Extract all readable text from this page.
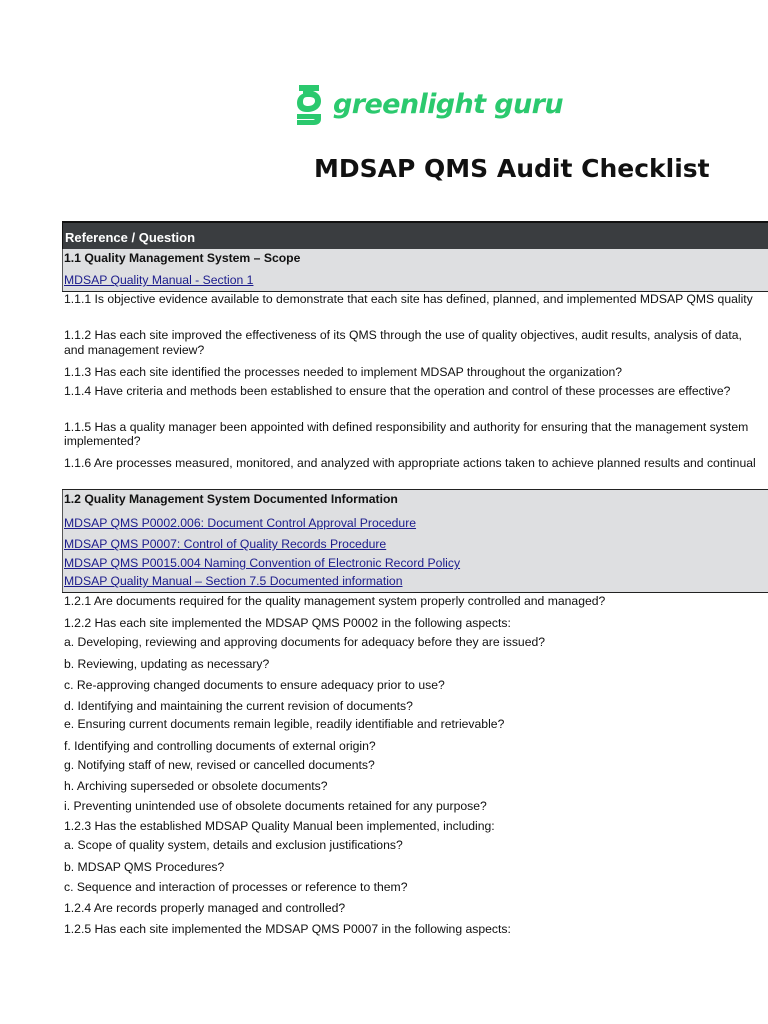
greenlight guru
MDSAP QMS Audit Checklist
Reference / Question
1.1 Quality Management System – Scope
MDSAP Quality Manual - Section 1
1.1.1 Is objective evidence available to demonstrate that each site has defined, planned, and implemented MDSAP QMS quality
1.1.2 Has each site improved the effectiveness of its QMS through the use of quality objectives, audit results, analysis of data,
and management review?
1.1.3 Has each site identified the processes needed to implement MDSAP throughout the organization?
1.1.4 Have criteria and methods been established to ensure that the operation and control of these processes are effective?
1.1.5 Has a quality manager been appointed with defined responsibility and authority for ensuring that the management system
implemented?
1.1.6 Are processes measured, monitored, and analyzed with appropriate actions taken to achieve planned results and continual
1.2 Quality Management System Documented Information
MDSAP QMS P0002.006: Document Control Approval Procedure
MDSAP QMS P0007: Control of Quality Records Procedure
MDSAP QMS P0015.004 Naming Convention of Electronic Record Policy
MDSAP Quality Manual – Section 7.5 Documented information
1.2.1 Are documents required for the quality management system properly controlled and managed?
1.2.2 Has each site implemented the MDSAP QMS P0002 in the following aspects:
a. Developing, reviewing and approving documents for adequacy before they are issued?
b. Reviewing, updating as necessary?
c. Re-approving changed documents to ensure adequacy prior to use?
d. Identifying and maintaining the current revision of documents?
e. Ensuring current documents remain legible, readily identifiable and retrievable?
f. Identifying and controlling documents of external origin?
g. Notifying staff of new, revised or cancelled documents?
h. Archiving superseded or obsolete documents?
i. Preventing unintended use of obsolete documents retained for any purpose?
1.2.3 Has the established MDSAP Quality Manual been implemented, including:
a. Scope of quality system, details and exclusion justifications?
b. MDSAP QMS Procedures?
c. Sequence and interaction of processes or reference to them?
1.2.4 Are records properly managed and controlled?
1.2.5 Has each site implemented the MDSAP QMS P0007 in the following aspects:
